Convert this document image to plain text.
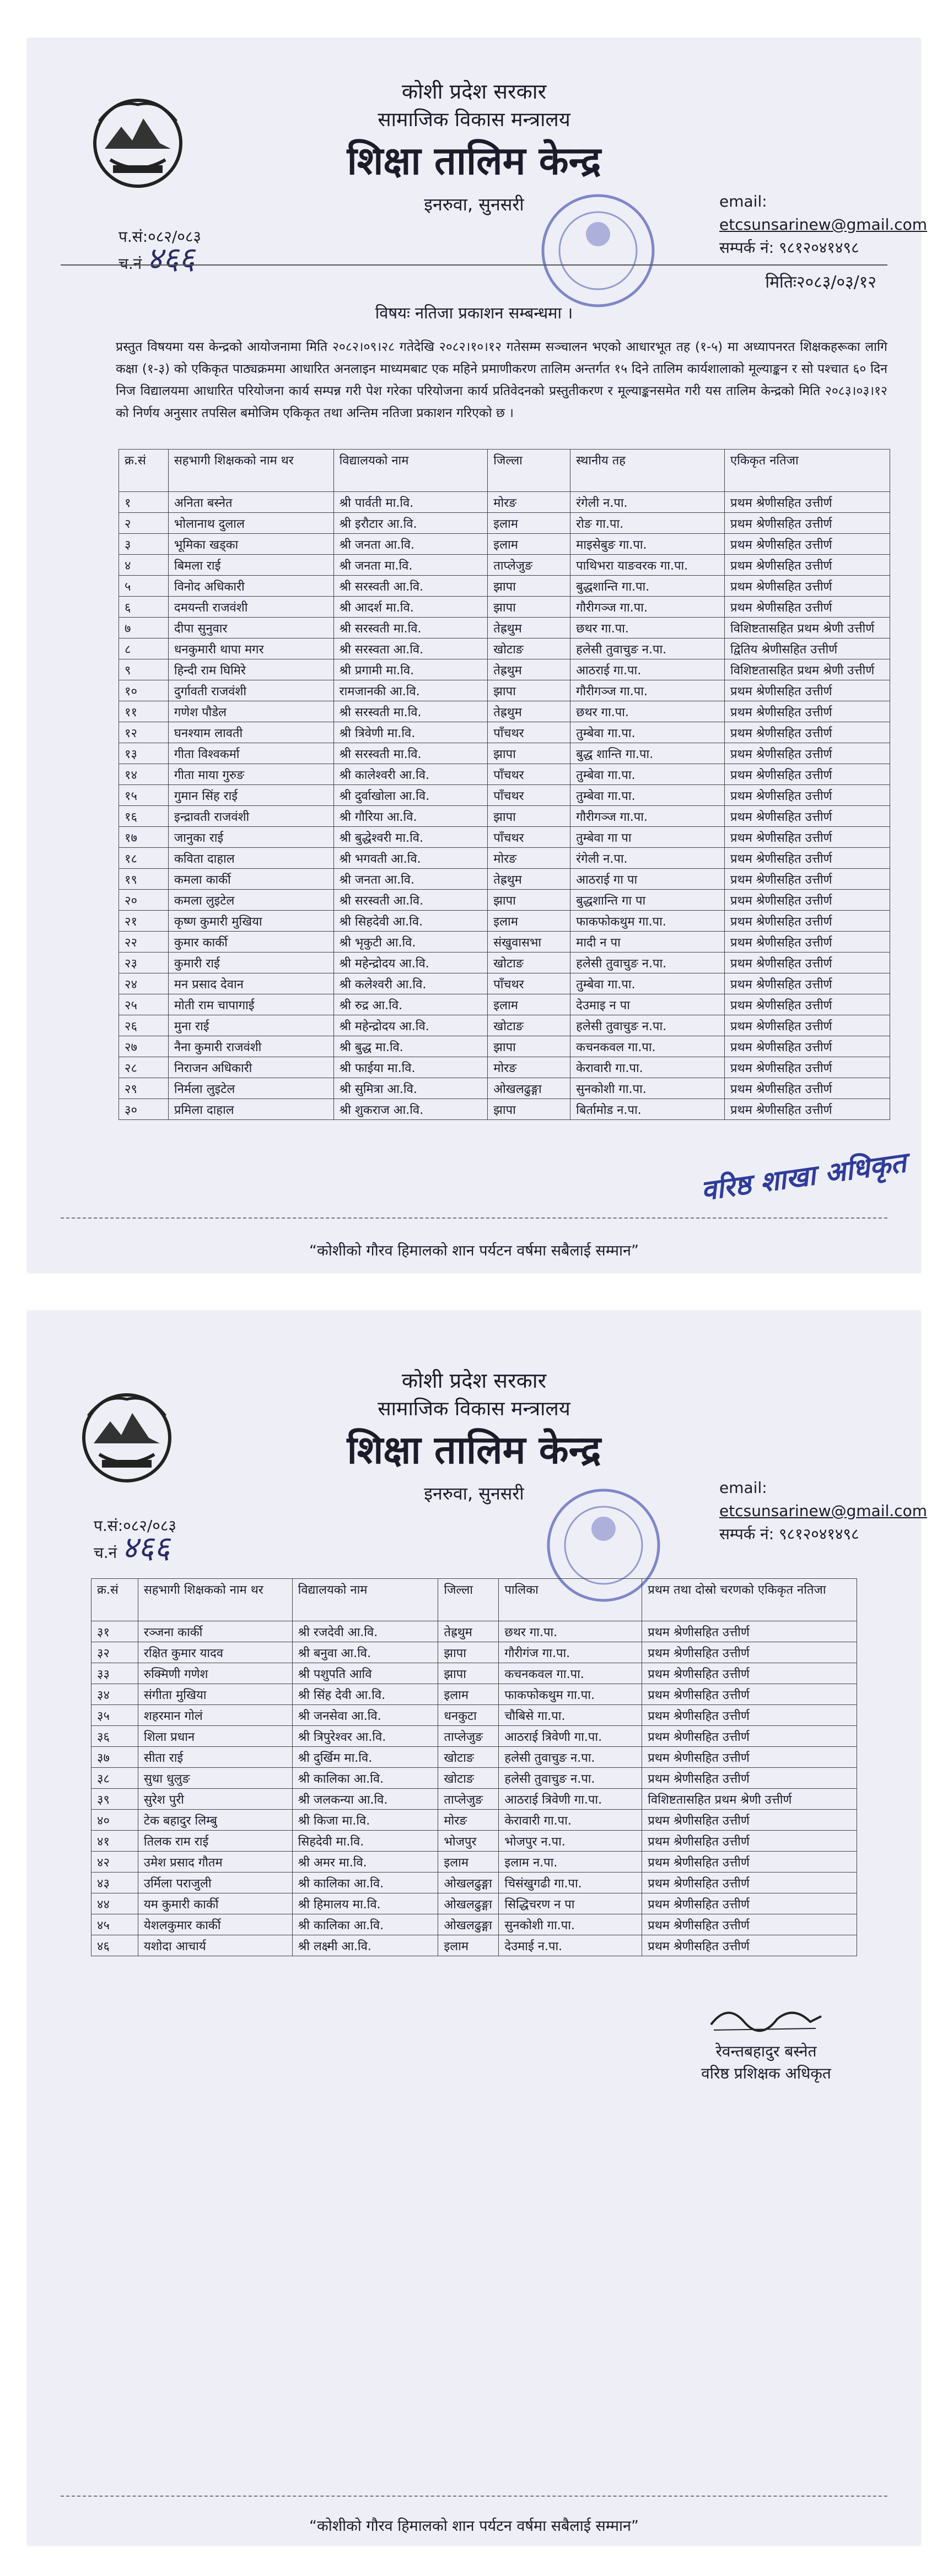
कोशी प्रदेश सरकार
सामाजिक विकास मन्त्रालय
शिक्षा तालिम केन्द्र
इनरुवा, सुनसरी	email: etcsunsarinew@gmail.com
सम्पर्क नं: ९८१२०४१४९८
प.सं:०८२/०८३
च.नं ४६६
मितिः२०८३/०३/१२
विषयः नतिजा प्रकाशन सम्बन्धमा ।
प्रस्तुत विषयमा यस केन्द्रको आयोजनामा मिति २०८२।०९।२८ गतेदेखि २०८२।१०।१२ गतेसम्म सञ्चालन भएको आधारभूत तह (१-५) मा अध्यापनरत शिक्षकहरूका लागि कक्षा (१-३) को एकिकृत पाठ्यक्रममा आधारित अनलाइन माध्यमबाट एक महिने प्रमाणीकरण तालिम अन्तर्गत १५ दिने तालिम कार्यशालाको मूल्याङ्कन र सो पश्चात ६० दिन निज विद्यालयमा आधारित परियोजना कार्य सम्पन्न गरी पेश गरेका परियोजना कार्य प्रतिवेदनको प्रस्तुतीकरण र मूल्याङ्कनसमेत गरी यस तालिम केन्द्रको मिति २०८३।०३।१२ को निर्णय अनुसार तपसिल बमोजिम एकिकृत तथा अन्तिम नतिजा प्रकाशन गरिएको छ ।
क्र.सं	सहभागी शिक्षकको नाम थर	विद्यालयको नाम	जिल्ला	स्थानीय तह	एकिकृत नतिजा
१	अनिता बस्नेत	श्री पार्वती मा.वि.	मोरङ	रंगेली न.पा.	प्रथम श्रेणीसहित उत्तीर्ण
२	भोलानाथ दुलाल	श्री इरौटार आ.वि.	इलाम	रोङ गा.पा.	प्रथम श्रेणीसहित उत्तीर्ण
३	भूमिका खड्का	श्री जनता आ.वि.	इलाम	माइसेबुङ गा.पा.	प्रथम श्रेणीसहित उत्तीर्ण
४	बिमला राई	श्री जनता मा.वि.	ताप्लेजुङ	पाथिभरा याङवरक गा.पा.	प्रथम श्रेणीसहित उत्तीर्ण
५	विनोद अधिकारी	श्री सरस्वती आ.वि.	झापा	बुद्धशान्ति गा.पा.	प्रथम श्रेणीसहित उत्तीर्ण
६	दमयन्ती राजवंशी	श्री आदर्श मा.वि.	झापा	गौरीगञ्ज गा.पा.	प्रथम श्रेणीसहित उत्तीर्ण
७	दीपा सुनुवार	श्री सरस्वती मा.वि.	तेह्रथुम	छथर गा.पा.	विशिष्टतासहित प्रथम श्रेणी उत्तीर्ण
८	धनकुमारी थापा मगर	श्री सरस्वता आ.वि.	खोटाङ	हलेसी तुवाचुङ न.पा.	द्वितिय श्रेणीसहित उत्तीर्ण
९	हिन्दी राम घिमिरे	श्री प्रगामी मा.वि.	तेह्रथुम	आठराई गा.पा.	विशिष्टतासहित प्रथम श्रेणी उत्तीर्ण
१०	दुर्गावती राजवंशी	रामजानकी आ.वि.	झापा	गौरीगञ्ज गा.पा.	प्रथम श्रेणीसहित उत्तीर्ण
११	गणेश पौडेल	श्री सरस्वती मा.वि.	तेह्रथुम	छथर गा.पा.	प्रथम श्रेणीसहित उत्तीर्ण
१२	घनश्याम लावती	श्री त्रिवेणी मा.वि.	पाँचथर	तुम्बेवा गा.पा.	प्रथम श्रेणीसहित उत्तीर्ण
१३	गीता विश्वकर्मा	श्री सरस्वती मा.वि.	झापा	बुद्ध शान्ति गा.पा.	प्रथम श्रेणीसहित उत्तीर्ण
१४	गीता माया गुरुङ	श्री कालेश्वरी आ.वि.	पाँचथर	तुम्बेवा गा.पा.	प्रथम श्रेणीसहित उत्तीर्ण
१५	गुमान सिंह राई	श्री दुर्वाखोला आ.वि.	पाँचथर	तुम्बेवा गा.पा.	प्रथम श्रेणीसहित उत्तीर्ण
१६	इन्द्रावती राजवंशी	श्री गौरिया आ.वि.	झापा	गौरीगञ्ज गा.पा.	प्रथम श्रेणीसहित उत्तीर्ण
१७	जानुका राई	श्री बुद्धेश्वरी मा.वि.	पाँचथर	तुम्बेवा गा पा	प्रथम श्रेणीसहित उत्तीर्ण
१८	कविता दाहाल	श्री भगवती आ.वि.	मोरङ	रंगेली न.पा.	प्रथम श्रेणीसहित उत्तीर्ण
१९	कमला कार्की	श्री जनता आ.वि.	तेह्रथुम	आठराई गा पा	प्रथम श्रेणीसहित उत्तीर्ण
२०	कमला लुइटेल	श्री सरस्वती आ.वि.	झापा	बुद्धशान्ति गा पा	प्रथम श्रेणीसहित उत्तीर्ण
२१	कृष्ण कुमारी मुखिया	श्री सिहदेवी आ.वि.	इलाम	फाकफोकथुम गा.पा.	प्रथम श्रेणीसहित उत्तीर्ण
२२	कुमार कार्की	श्री भृकुटी आ.वि.	संखुवासभा	मादी न पा	प्रथम श्रेणीसहित उत्तीर्ण
२३	कुमारी राई	श्री महेन्द्रोदय आ.वि.	खोटाङ	हलेसी तुवाचुङ न.पा.	प्रथम श्रेणीसहित उत्तीर्ण
२४	मन प्रसाद देवान	श्री कलेश्वरी आ.वि.	पाँचथर	तुम्बेवा गा.पा.	प्रथम श्रेणीसहित उत्तीर्ण
२५	मोती राम चापागाई	श्री रुद्र आ.वि.	इलाम	देउमाइ न पा	प्रथम श्रेणीसहित उत्तीर्ण
२६	मुना राई	श्री महेन्द्रोदय आ.वि.	खोटाङ	हलेसी तुवाचुङ न.पा.	प्रथम श्रेणीसहित उत्तीर्ण
२७	नैना कुमारी राजवंशी	श्री बुद्ध मा.वि.	झापा	कचनकवल गा.पा.	प्रथम श्रेणीसहित उत्तीर्ण
२८	निराजन अधिकारी	श्री फाईया मा.वि.	मोरङ	केरावारी गा.पा.	प्रथम श्रेणीसहित उत्तीर्ण
२९	निर्मला लुइटेल	श्री सुमित्रा आ.वि.	ओखलढुङ्गा	सुनकोशी गा.पा.	प्रथम श्रेणीसहित उत्तीर्ण
३०	प्रमिला दाहाल	श्री शुकराज आ.वि.	झापा	बिर्तामोड न.पा.	प्रथम श्रेणीसहित उत्तीर्ण
वरिष्ठ शाखा अधिकृत
“कोशीको गौरव हिमालको शान पर्यटन वर्षमा सबैलाई सम्मान”
कोशी प्रदेश सरकार
सामाजिक विकास मन्त्रालय
शिक्षा तालिम केन्द्र
इनरुवा, सुनसरी	email: etcsunsarinew@gmail.com
सम्पर्क नं: ९८१२०४१४९८
प.सं:०८२/०८३
च.नं ४६६
क्र.सं	सहभागी शिक्षकको नाम थर	विद्यालयको नाम	जिल्ला	पालिका	प्रथम तथा दोस्रो चरणको एकिकृत नतिजा
३१	रञ्जना कार्की	श्री रजदेवी आ.वि.	तेह्रथुम	छथर गा.पा.	प्रथम श्रेणीसहित उत्तीर्ण
३२	रक्षित कुमार यादव	श्री बनुवा आ.वि.	झापा	गौरीगंज गा.पा.	प्रथम श्रेणीसहित उत्तीर्ण
३३	रुक्मिणी गणेश	श्री पशुपति आवि	झापा	कचनकवल गा.पा.	प्रथम श्रेणीसहित उत्तीर्ण
३४	संगीता मुखिया	श्री सिंह देवी आ.वि.	इलाम	फाकफोकथुम गा.पा.	प्रथम श्रेणीसहित उत्तीर्ण
३५	शहरमान गोलं	श्री जनसेवा आ.वि.	धनकुटा	चौबिसे गा.पा.	प्रथम श्रेणीसहित उत्तीर्ण
३६	शिला प्रधान	श्री त्रिपुरेश्वर आ.वि.	ताप्लेजुङ	आठराई त्रिवेणी गा.पा.	प्रथम श्रेणीसहित उत्तीर्ण
३७	सीता राई	श्री दुर्खिम मा.वि.	खोटाङ	हलेसी तुवाचुङ न.पा.	प्रथम श्रेणीसहित उत्तीर्ण
३८	सुधा धुलुङ	श्री कालिका आ.वि.	खोटाङ	हलेसी तुवाचुङ न.पा.	प्रथम श्रेणीसहित उत्तीर्ण
३९	सुरेश पुरी	श्री जलकन्या आ.वि.	ताप्लेजुङ	आठराई त्रिवेणी गा.पा.	विशिष्टतासहित प्रथम श्रेणी उत्तीर्ण
४०	टेक बहादुर लिम्बु	श्री किजा मा.वि.	मोरङ	केरावारी गा.पा.	प्रथम श्रेणीसहित उत्तीर्ण
४१	तिलक राम राई	सिहदेवी मा.वि.	भोजपुर	भोजपुर न.पा.	प्रथम श्रेणीसहित उत्तीर्ण
४२	उमेश प्रसाद गौतम	श्री अमर मा.वि.	इलाम	इलाम न.पा.	प्रथम श्रेणीसहित उत्तीर्ण
४३	उर्मिला पराजुली	श्री कालिका आ.वि.	ओखलढुङ्गा	चिसंखुगढी गा.पा.	प्रथम श्रेणीसहित उत्तीर्ण
४४	यम कुमारी कार्की	श्री हिमालय मा.वि.	ओखलढुङ्गा	सिद्धिचरण न पा	प्रथम श्रेणीसहित उत्तीर्ण
४५	येशलकुमार कार्की	श्री कालिका आ.वि.	ओखलढुङ्गा	सुनकोशी गा.पा.	प्रथम श्रेणीसहित उत्तीर्ण
४६	यशोदा आचार्य	श्री लक्ष्मी आ.वि.	इलाम	देउमाई न.पा.	प्रथम श्रेणीसहित उत्तीर्ण
रेवन्तबहादुर बस्नेत
वरिष्ठ प्रशिक्षक अधिकृत
“कोशीको गौरव हिमालको शान पर्यटन वर्षमा सबैलाई सम्मान”
